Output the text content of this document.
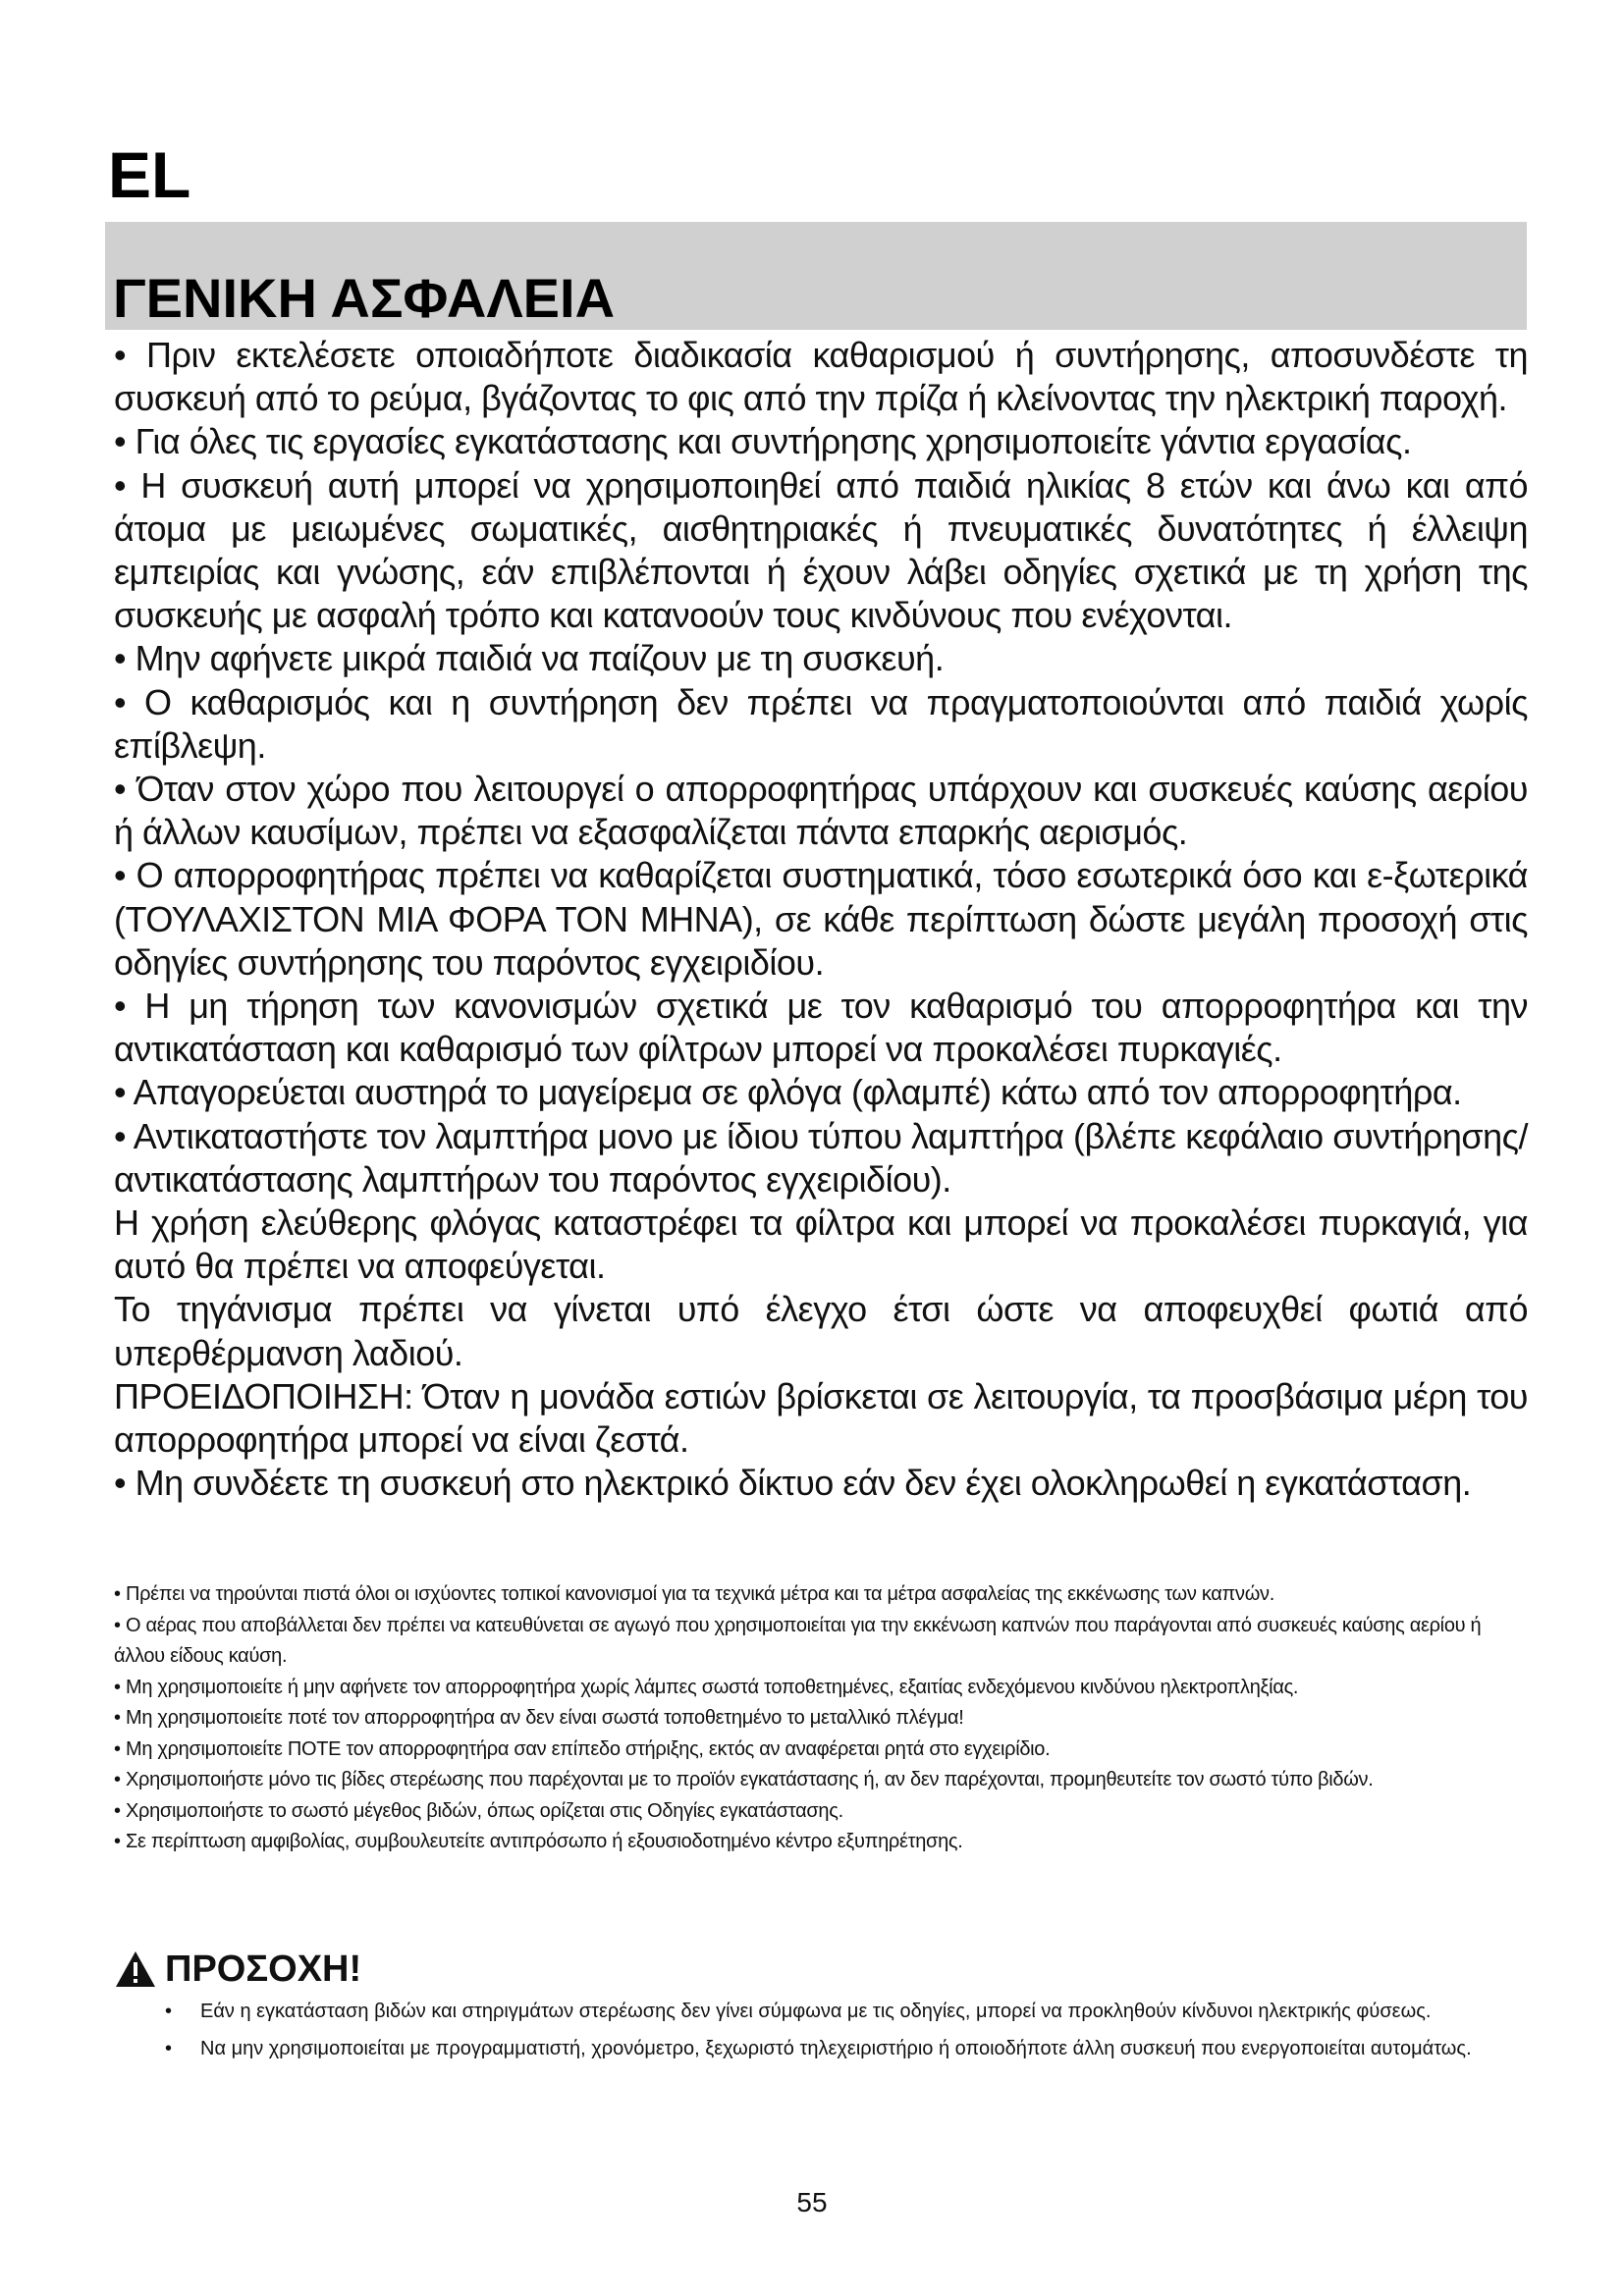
EL
ΓΕΝΙΚΗ ΑΣΦΑΛΕΙΑ

• Πριν εκτελέσετε οποιαδήποτε διαδικασία καθαρισμού ή συντήρησης, αποσυνδέστε τη συσκευή από το ρεύμα, βγάζοντας το φις από την πρίζα ή κλείνοντας την ηλεκτρική παροχή.

• Για όλες τις εργασίες εγκατάστασης και συντήρησης χρησιμοποιείτε γάντια εργασίας.

• Η συσκευή αυτή μπορεί να χρησιμοποιηθεί από παιδιά ηλικίας 8 ετών και άνω και από άτομα με μειωμένες σωματικές, αισθητηριακές ή πνευματικές δυνατότητες ή έλλειψη εμπειρίας και γνώσης, εάν επιβλέπονται ή έχουν λάβει οδηγίες σχετικά με τη χρήση της συσκευής με ασφαλή τρόπο και κατανοούν τους κινδύνους που ενέχονται.

• Μην αφήνετε μικρά παιδιά να παίζουν με τη συσκευή.

• Ο καθαρισμός και η συντήρηση δεν πρέπει να πραγματοποιούνται από παιδιά χωρίς επίβλεψη.

• Όταν στον χώρο που λειτουργεί ο απορροφητήρας υπάρχουν και συσκευές καύσης αερίου ή άλλων καυσίμων, πρέπει να εξασφαλίζεται πάντα επαρκής αερισμός.

• Ο απορροφητήρας πρέπει να καθαρίζεται συστηματικά, τόσο εσωτερικά όσο και ε-ξωτερικά (ΤΟΥΛΑΧΙΣΤΟΝ ΜΙΑ ΦΟΡΑ ΤΟΝ ΜΗΝΑ), σε κάθε περίπτωση δώστε μεγάλη προσοχή στις οδηγίες συντήρησης του παρόντος εγχειριδίου.

• Η μη τήρηση των κανονισμών σχετικά με τον καθαρισμό του απορροφητήρα και την αντικατάσταση και καθαρισμό των φίλτρων μπορεί να προκαλέσει πυρκαγιές.

• Απαγορεύεται αυστηρά το μαγείρεμα σε φλόγα (φλαμπέ) κάτω από τον απορροφητήρα.

• Αντικαταστήστε τον λαμπτήρα μονο με ίδιου τύπου λαμπτήρα (βλέπε κεφάλαιο συντήρησης/αντικατάστασης λαμπτήρων του παρόντος εγχειριδίου).

Η χρήση ελεύθερης φλόγας καταστρέφει τα φίλτρα και μπορεί να προκαλέσει πυρκαγιά, για αυτό θα πρέπει να αποφεύγεται.

Το τηγάνισμα πρέπει να γίνεται υπό έλεγχο έτσι ώστε να αποφευχθεί φωτιά από υπερθέρμανση λαδιού.

ΠΡΟΕΙΔΟΠΟΙΗΣΗ: Όταν η μονάδα εστιών βρίσκεται σε λειτουργία, τα προσβάσιμα μέρη του απορροφητήρα μπορεί να είναι ζεστά.

• Μη συνδέετε τη συσκευή στο ηλεκτρικό δίκτυο εάν δεν έχει ολοκληρωθεί η εγκατάσταση.

• Πρέπει να τηρούνται πιστά όλοι οι ισχύοντες τοπικοί κανονισμοί για τα τεχνικά μέτρα και τα μέτρα ασφαλείας της εκκένωσης των καπνών.

• Ο αέρας που αποβάλλεται δεν πρέπει να κατευθύνεται σε αγωγό που χρησιμοποιείται για την εκκένωση καπνών που παράγονται από συσκευές καύσης αερίου ή άλλου είδους καύση.

• Μη χρησιμοποιείτε ή μην αφήνετε τον απορροφητήρα χωρίς λάμπες σωστά τοποθετημένες, εξαιτίας ενδεχόμενου κινδύνου ηλεκτροπληξίας.

• Μη χρησιμοποιείτε ποτέ τον απορροφητήρα αν δεν είναι σωστά τοποθετημένο το μεταλλικό πλέγμα!

• Μη χρησιμοποιείτε ΠΟΤΕ τον απορροφητήρα σαν επίπεδο στήριξης, εκτός αν αναφέρεται ρητά στο εγχειρίδιο.

• Χρησιμοποιήστε μόνο τις βίδες στερέωσης που παρέχονται με το προϊόν εγκατάστασης ή, αν δεν παρέχονται, προμηθευτείτε τον σωστό τύπο βιδών.

• Χρησιμοποιήστε το σωστό μέγεθος βιδών, όπως ορίζεται στις Οδηγίες εγκατάστασης.

• Σε περίπτωση αμφιβολίας, συμβουλευτείτε αντιπρόσωπο ή εξουσιοδοτημένο κέντρο εξυπηρέτησης.

ΠΡΟΣΟΧΗ!
• Εάν η εγκατάσταση βιδών και στηριγμάτων στερέωσης δεν γίνει σύμφωνα με τις οδηγίες, μπορεί να προκληθούν κίνδυνοι ηλεκτρικής φύσεως.
• Να μην χρησιμοποιείται με προγραμματιστή, χρονόμετρο, ξεχωριστό τηλεχειριστήριο ή οποιοδήποτε άλλη συσκευή που ενεργοποιείται αυτομάτως.
55
